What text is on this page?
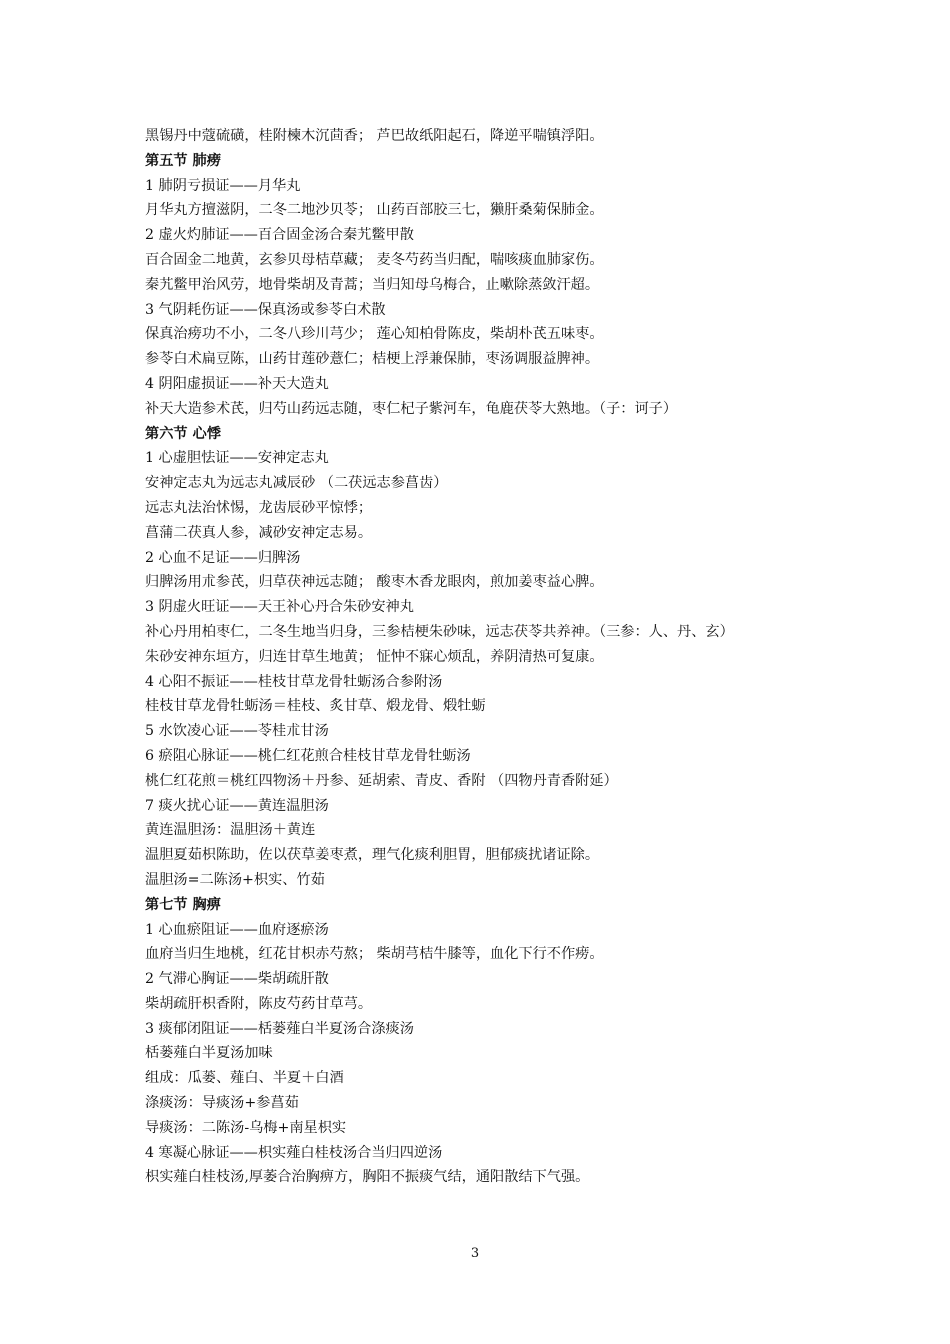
黑锡丹中蔻硫磺，桂附楝木沉茴香； 芦巴故纸阳起石，降逆平喘镇浮阳。
第五节 肺痨
1 肺阴亏损证——月华丸
月华丸方擅滋阴，二冬二地沙贝苓； 山药百部胶三七，獭肝桑菊保肺金。
2 虚火灼肺证——百合固金汤合秦艽鳖甲散
百合固金二地黄，玄参贝母桔草藏； 麦冬芍药当归配，喘咳痰血肺家伤。
秦艽鳖甲治风劳，地骨柴胡及青蒿；当归知母乌梅合，止嗽除蒸敛汗超。
3 气阴耗伤证——保真汤或参苓白术散
保真治痨功不小，二冬八珍川芎少； 莲心知柏骨陈皮，柴胡朴芪五味枣。
参苓白术扁豆陈，山药甘莲砂薏仁；桔梗上浮兼保肺，枣汤调服益脾神。
4 阴阳虚损证——补天大造丸
补天大造参术芪，归芍山药远志随，枣仁杞子紫河车，龟鹿茯苓大熟地。（子：诃子）
第六节 心悸
1 心虚胆怯证——安神定志丸
安神定志丸为远志丸减辰砂 （二茯远志参菖齿）
远志丸法治怵惕，龙齿辰砂平惊悸；
菖蒲二茯真人参，减砂安神定志易。
2 心血不足证——归脾汤
归脾汤用朮参芪，归草茯神远志随； 酸枣木香龙眼肉，煎加姜枣益心脾。
3 阴虚火旺证——天王补心丹合朱砂安神丸
补心丹用柏枣仁，二冬生地当归身，三参桔梗朱砂味，远志茯苓共养神。（三参：人、丹、玄）
朱砂安神东垣方，归连甘草生地黄； 怔忡不寐心烦乱，养阴清热可复康。
4 心阳不振证——桂枝甘草龙骨牡蛎汤合参附汤
桂枝甘草龙骨牡蛎汤＝桂枝、炙甘草、煅龙骨、煅牡蛎
5 水饮凌心证——苓桂朮甘汤
6 瘀阻心脉证——桃仁红花煎合桂枝甘草龙骨牡蛎汤
桃仁红花煎＝桃红四物汤＋丹参、延胡索、青皮、香附 （四物丹青香附延）
7 痰火扰心证——黄连温胆汤
黄连温胆汤：温胆汤＋黄连
温胆夏茹枳陈助，佐以茯草姜枣煮，理气化痰利胆胃，胆郁痰扰诸证除。
温胆汤=二陈汤+枳实、竹茹
第七节 胸痹
1 心血瘀阻证——血府逐瘀汤
血府当归生地桃，红花甘枳赤芍熬； 柴胡芎桔牛膝等，血化下行不作痨。
2 气滞心胸证——柴胡疏肝散
柴胡疏肝枳香附，陈皮芍药甘草芎。
3 痰郁闭阻证——栝蒌薤白半夏汤合涤痰汤
栝蒌薤白半夏汤加味
组成：瓜蒌、薤白、半夏＋白酒
涤痰汤：导痰汤+参菖茹
导痰汤：二陈汤-乌梅+南星枳实
4 寒凝心脉证——枳实薤白桂枝汤合当归四逆汤
枳实薤白桂枝汤,厚萎合治胸痹方，胸阳不振痰气结，通阳散结下气强。
3
